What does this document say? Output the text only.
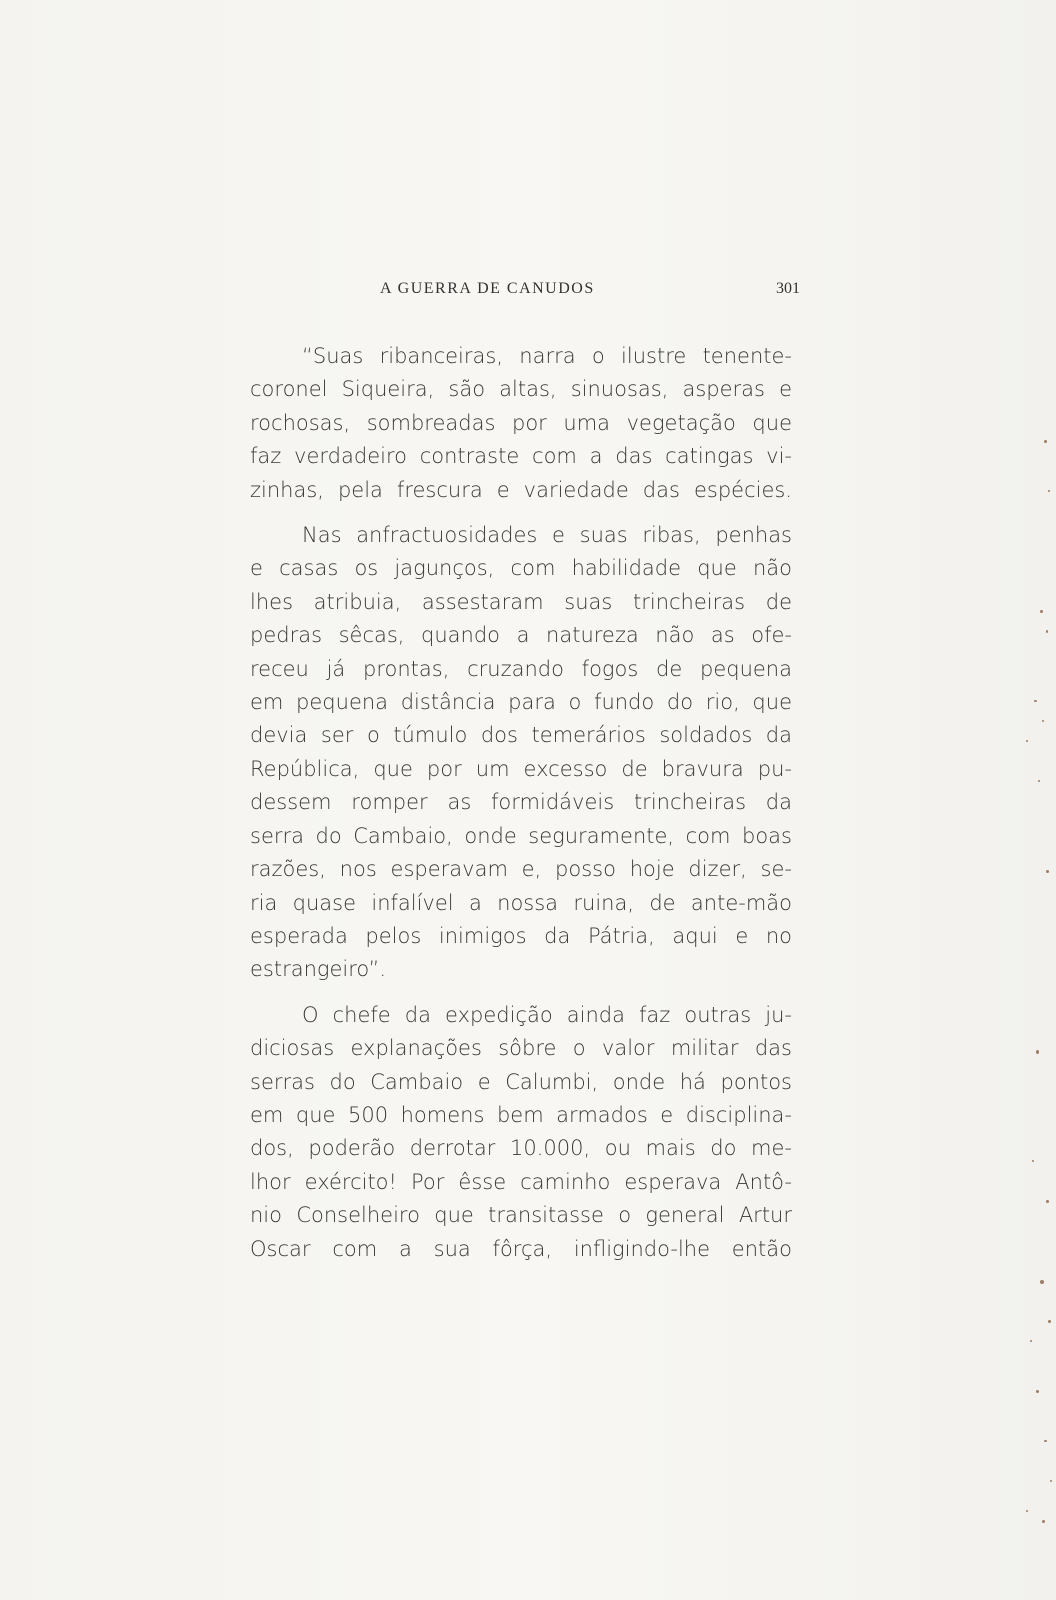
A GUERRA DE CANUDOS	301
“Suas ribanceiras, narra o ilustre tenente-
coronel Siqueira, são altas, sinuosas, asperas e
rochosas, sombreadas por uma vegetação que
faz verdadeiro contraste com a das catingas vi-
zinhas, pela frescura e variedade das espécies.
Nas anfractuosidades e suas ribas, penhas
e casas os jagunços, com habilidade que não
lhes atribuia, assestaram suas trincheiras de
pedras sêcas, quando a natureza não as ofe-
receu já prontas, cruzando fogos de pequena
em pequena distância para o fundo do rio, que
devia ser o túmulo dos temerários soldados da
República, que por um excesso de bravura pu-
dessem romper as formidáveis trincheiras da
serra do Cambaio, onde seguramente, com boas
razões, nos esperavam e, posso hoje dizer, se-
ria quase infalível a nossa ruina, de ante-mão
esperada pelos inimigos da Pátria, aqui e no
estrangeiro”.
O chefe da expedição ainda faz outras ju-
diciosas explanações sôbre o valor militar das
serras do Cambaio e Calumbi, onde há pontos
em que 500 homens bem armados e disciplina-
dos, poderão derrotar 10.000, ou mais do me-
lhor exército! Por êsse caminho esperava Antô-
nio Conselheiro que transitasse o general Artur
Oscar com a sua fôrça, infligindo-lhe então
